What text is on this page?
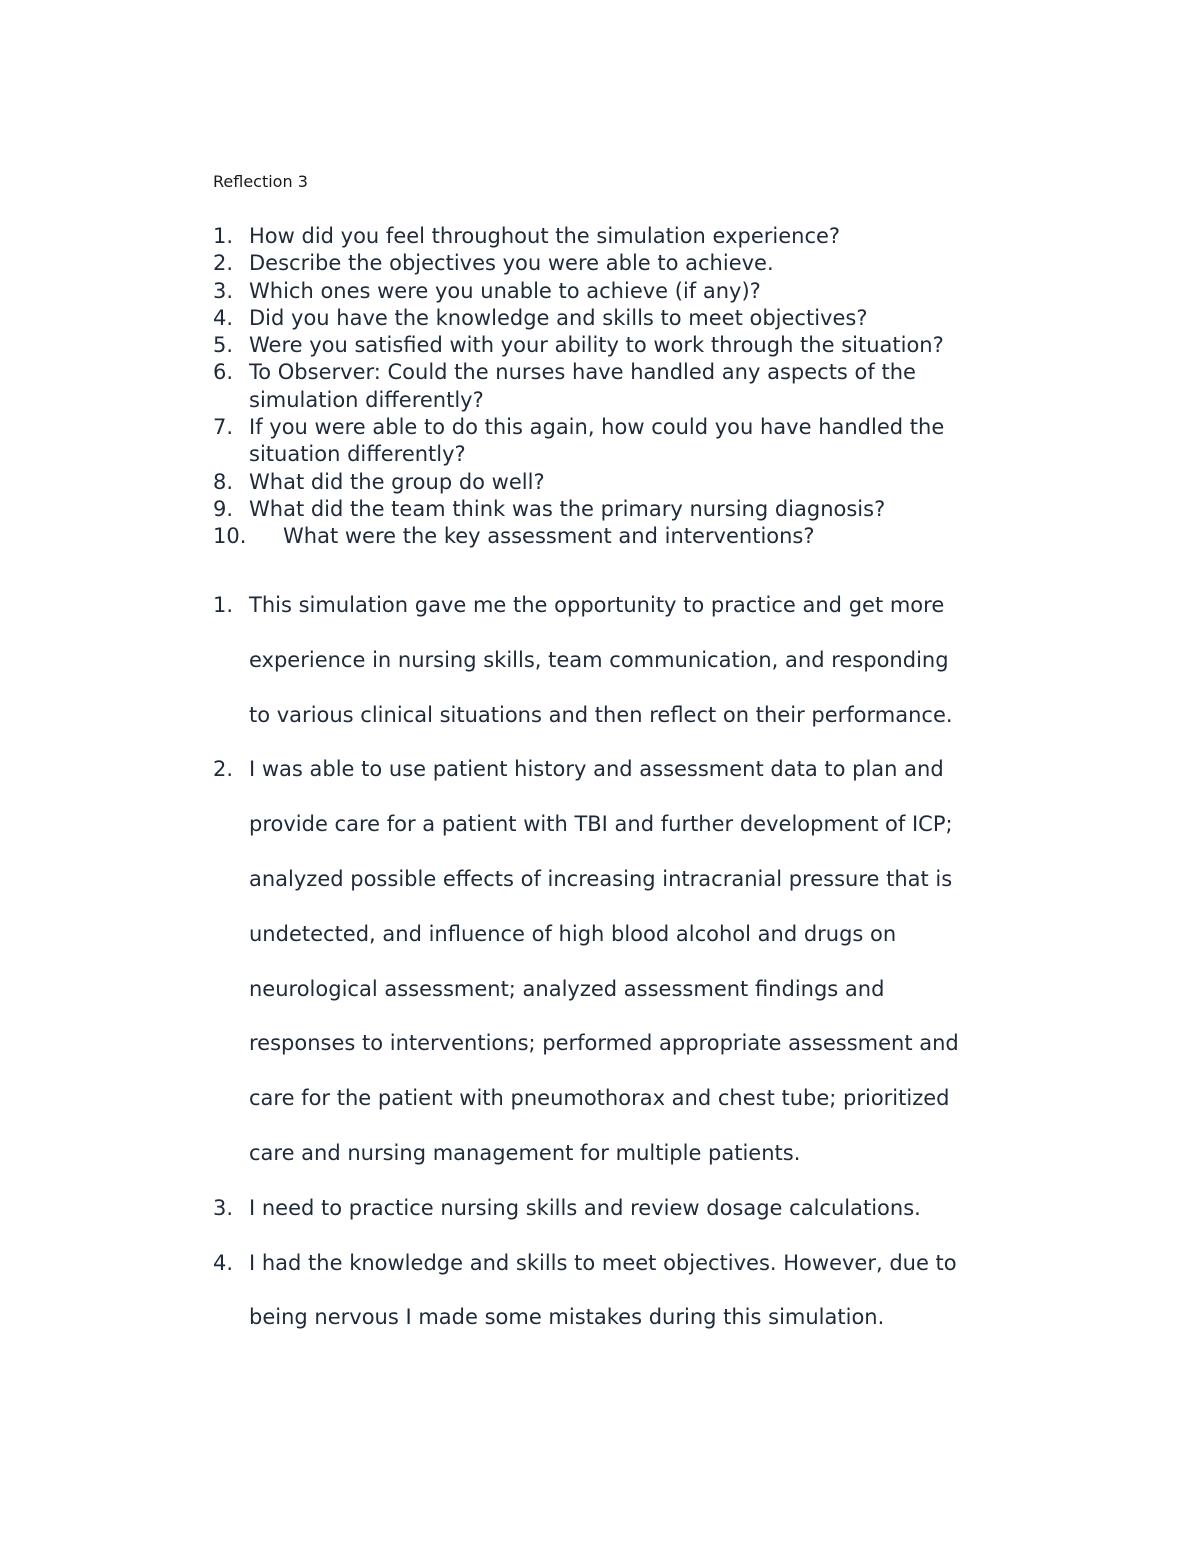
Reflection 3
1. How did you feel throughout the simulation experience?
2. Describe the objectives you were able to achieve.
3. Which ones were you unable to achieve (if any)?
4. Did you have the knowledge and skills to meet objectives?
5. Were you satisfied with your ability to work through the situation?
6. To Observer: Could the nurses have handled any aspects of the
simulation differently?
7. If you were able to do this again, how could you have handled the
situation differently?
8. What did the group do well?
9. What did the team think was the primary nursing diagnosis?
10.	What were the key assessment and interventions?
1. This simulation gave me the opportunity to practice and get more
experience in nursing skills, team communication, and responding
to various clinical situations and then reflect on their performance.
2. I was able to use patient history and assessment data to plan and
provide care for a patient with TBI and further development of ICP;
analyzed possible effects of increasing intracranial pressure that is
undetected, and influence of high blood alcohol and drugs on
neurological assessment; analyzed assessment findings and
responses to interventions; performed appropriate assessment and
care for the patient with pneumothorax and chest tube; prioritized
care and nursing management for multiple patients.
3. I need to practice nursing skills and review dosage calculations.
4. I had the knowledge and skills to meet objectives. However, due to
being nervous I made some mistakes during this simulation.
